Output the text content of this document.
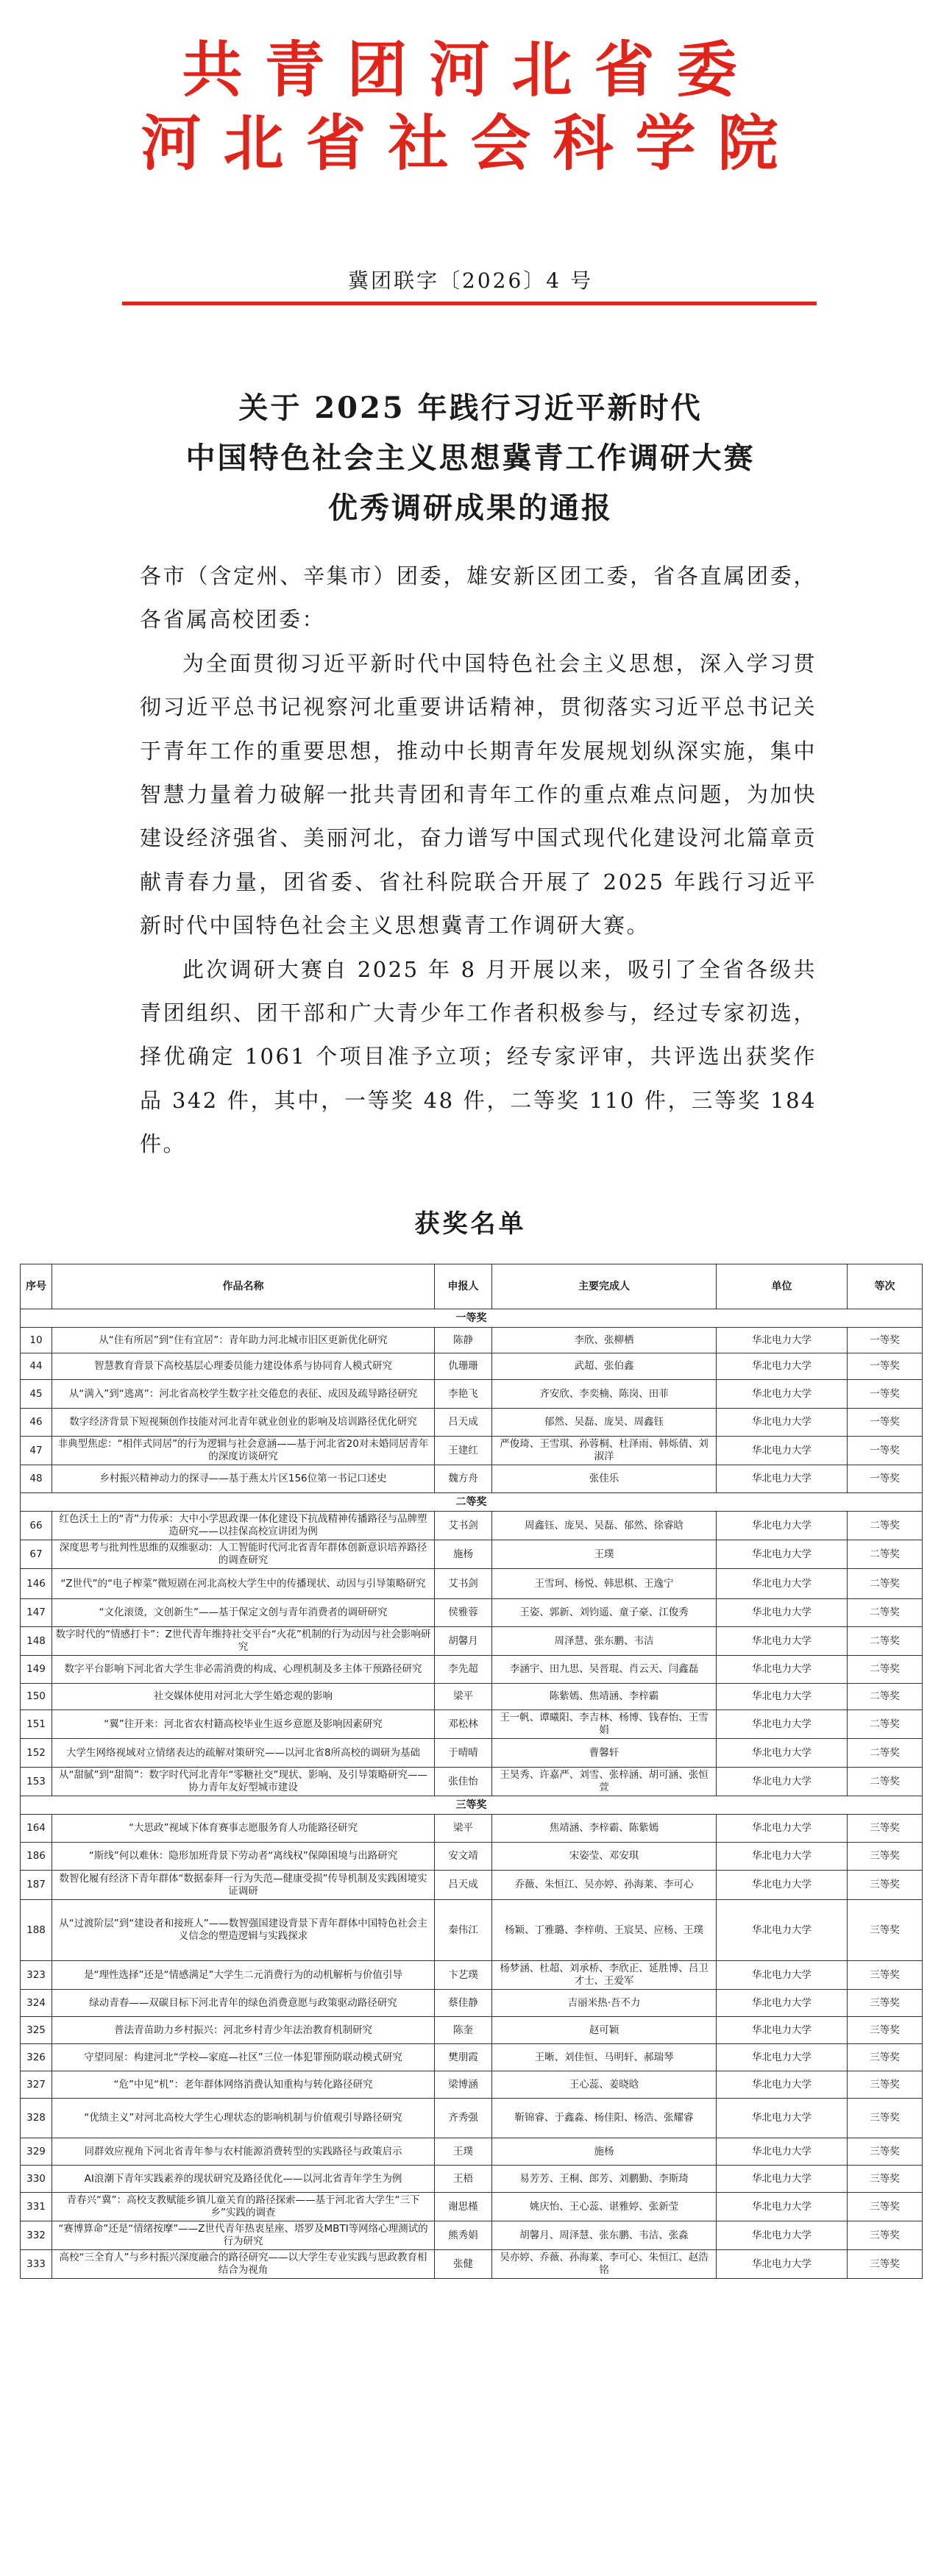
共青团河北省委
河北省社会科学院
冀团联字〔2026〕4 号
关于 2025 年践行习近平新时代
中国特色社会主义思想冀青工作调研大赛
优秀调研成果的通报

各市（含定州、辛集市）团委，雄安新区团工委，省各直属团委，各省属高校团委：

为全面贯彻习近平新时代中国特色社会主义思想，深入学习贯彻习近平总书记视察河北重要讲话精神，贯彻落实习近平总书记关于青年工作的重要思想，推动中长期青年发展规划纵深实施，集中智慧力量着力破解一批共青团和青年工作的重点难点问题，为加快建设经济强省、美丽河北，奋力谱写中国式现代化建设河北篇章贡献青春力量，团省委、省社科院联合开展了 2025 年践行习近平新时代中国特色社会主义思想冀青工作调研大赛。

此次调研大赛自 2025 年 8 月开展以来，吸引了全省各级共青团组织、团干部和广大青少年工作者积极参与，经过专家初选，择优确定 1061 个项目准予立项；经专家评审，共评选出获奖作品 342 件，其中，一等奖 48 件，二等奖 110 件，三等奖 184 件。

获奖名单
序号	作品名称	申报人	主要完成人	单位	等次
一等奖					
10	从“住有所居”到“住有宜居”：青年助力河北城市旧区更新优化研究	陈静	李欣、张柳栖	华北电力大学	一等奖
44	智慧教育背景下高校基层心理委员能力建设体系与协同育人模式研究	仇珊珊	武超、张伯鑫	华北电力大学	一等奖
45	从“满入”到“逃离”：河北省高校学生数字社交倦怠的表征、成因及疏导路径研究	李艳飞	齐安欣、李奕楠、陈岗、田菲	华北电力大学	一等奖
46	数字经济背景下短视频创作技能对河北青年就业创业的影响及培训路径优化研究	吕天成	郁然、吴磊、庞昊、周鑫钰	华北电力大学	一等奖
47	非典型焦虑：“相伴式同居”的行为逻辑与社会意涵——基于河北省20对未婚同居青年的深度访谈研究	王建红	严俊琦、王雪琪、孙蓉桐、杜泽雨、韩烁倩、刘淑洋	华北电力大学	一等奖
48	乡村振兴精神动力的探寻——基于燕太片区156位第一书记口述史	魏方舟	张佳乐	华北电力大学	一等奖
二等奖					
66	红色沃土上的“青”力传承：大中小学思政课一体化建设下抗战精神传播路径与品牌塑造研究——以挂保高校宣讲团为例	艾书剑	周鑫钰、庞昊、吴磊、郁然、徐睿晗	华北电力大学	二等奖
67	深度思考与批判性思维的双维驱动：人工智能时代河北省青年群体创新意识培养路径的调查研究	施杨	王璞	华北电力大学	二等奖
146	“Z世代”的“电子榨菜”微短剧在河北高校大学生中的传播现状、动因与引导策略研究	艾书剑	王雪珂、杨悦、韩思棋、王逸宁	华北电力大学	二等奖
147	“文化滚烫，文创新生”——基于保定文创与青年消费者的调研研究	侯雅蓉	王姿、郭新、刘钧遥、童子豪、江俊秀	华北电力大学	二等奖
148	数字时代的“情感打卡”：Z世代青年维持社交平台“火花”机制的行为动因与社会影响研究	胡馨月	周泽慧、张东鹏、韦洁	华北电力大学	二等奖
149	数字平台影响下河北省大学生非必需消费的构成、心理机制及多主体干预路径研究	李先超	李涵宇、田九思、吴晋琨、肖云天、闫鑫磊	华北电力大学	二等奖
150	社交媒体使用对河北大学生婚恋观的影响	梁平	陈紫嫣、焦靖涵、李梓霸	华北电力大学	二等奖
151	“翼”往开来：河北省农村籍高校毕业生返乡意愿及影响因素研究	邓松林	王一帆、谭曦阳、李吉林、杨博、钱春怡、王雪娟	华北电力大学	二等奖
152	大学生网络视域对立情绪表达的疏解对策研究——以河北省8所高校的调研为基础	于晴晴	曹馨轩	华北电力大学	二等奖
153	从“甜腻”到“甜简”：数字时代河北青年“零糖社交”现状、影响、及引导策略研究——协力青年友好型城市建设	张佳怡	王昊秀、许嘉严、刘雪、张梓涵、胡可涵、张恒萱	华北电力大学	二等奖
三等奖					
164	“大思政”视域下体育赛事志愿服务育人功能路径研究	梁平	焦靖涵、李梓霸、陈紫嫣	华北电力大学	三等奖
186	“斯线”何以难休：隐形加班背景下劳动者“离线权”保障困境与出路研究	安文靖	宋姿莹、邓安琪	华北电力大学	三等奖
187	数智化履有经济下青年群体“数据泰拜一行为失范—健康受损”传导机制及实践困境实证调研	吕天成	乔薇、朱恒江、吴亦婷、孙海莱、李可心	华北电力大学	三等奖
188	从“过渡阶层”到“建设者和接班人”——数智强国建设背景下青年群体中国特色社会主义信念的塑造逻辑与实践探求	秦伟江	杨颖、丁雅璐、李梓萌、王宸昊、应杨、王璞	华北电力大学	三等奖
323	是“理性选择”还是“情感满足”大学生二元消费行为的动机解析与价值引导	卞艺璞	杨梦涵、杜超、刘承桥、李欣正、延胜博、吕卫才士、王爱军	华北电力大学	三等奖
324	绿动青春——双碳目标下河北青年的绿色消费意愿与政策驱动路径研究	蔡佳静	吉丽米热·吾不力	华北电力大学	三等奖
325	普法青苗助力乡村振兴：河北乡村青少年法治教育机制研究	陈奎	赵可颖	华北电力大学	三等奖
326	守望同屋：构建河北“学校—家庭—社区”三位一体犯罪预防联动模式研究	樊朋霞	王晰、刘佳恒、马明轩、郝瑞琴	华北电力大学	三等奖
327	“危”中见“机”：老年群体网络消费认知重构与转化路径研究	梁博涵	王心蕊、姜晓晗	华北电力大学	三等奖
328	“优绩主义”对河北高校大学生心理状态的影响机制与价值观引导路径研究	齐秀强	靳锦睿、于鑫淼、杨佳阳、杨浩、张耀睿	华北电力大学	三等奖
329	同群效应视角下河北省青年参与农村能源消费转型的实践路径与政策启示	王璞	施杨	华北电力大学	三等奖
330	AI浪潮下青年实践素养的现状研究及路径优化——以河北省青年学生为例	王梧	易芳芳、王桐、郎芳、刘鹏勤、李斯琦	华北电力大学	三等奖
331	青春兴“冀”：高校支教赋能乡镇儿童关育的路径探索——基于河北省大学生“三下乡”实践的调查	谢思槿	姚庆怡、王心蕊、谌雅婷、张新莹	华北电力大学	三等奖
332	“赛博算命”还是“情绪按摩”——Z世代青年热衷星座、塔罗及MBTI等网络心理测试的行为研究	熊秀娟	胡馨月、周泽慧、张东鹏、韦洁、张淼	华北电力大学	三等奖
333	高校“三全育人”与乡村振兴深度融合的路径研究——以大学生专业实践与思政教育相结合为视角	张健	吴亦婷、乔薇、孙海莱、李可心、朱恒江、赵浩铭	华北电力大学	三等奖
